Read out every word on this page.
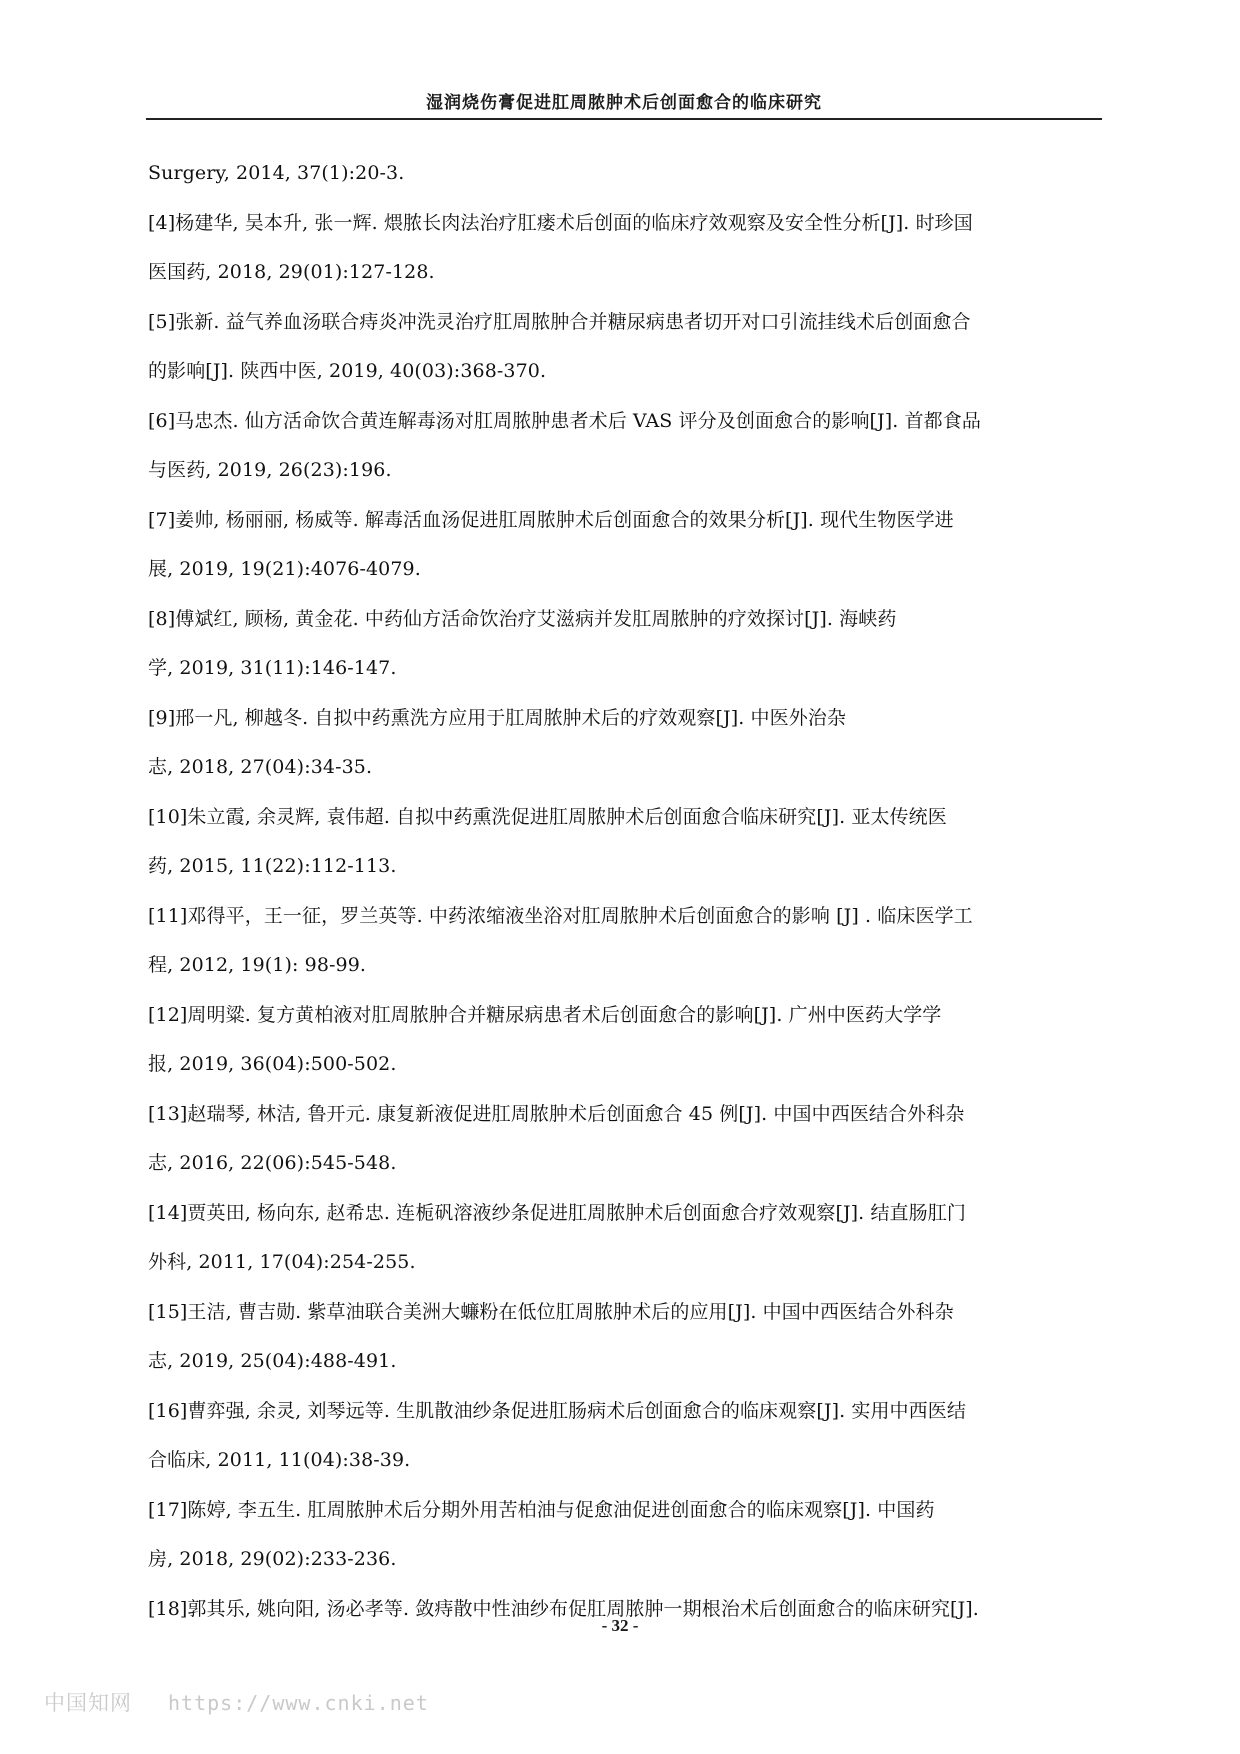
湿润烧伤膏促进肛周脓肿术后创面愈合的临床研究
Surgery, 2014, 37(1):20-3.
[4]杨建华, 吴本升, 张一辉. 煨脓长肉法治疗肛瘘术后创面的临床疗效观察及安全性分析[J]. 时珍国
医国药, 2018, 29(01):127-128.
[5]张新. 益气养血汤联合痔炎冲洗灵治疗肛周脓肿合并糖尿病患者切开对口引流挂线术后创面愈合
的影响[J]. 陕西中医, 2019, 40(03):368-370.
[6]马忠杰. 仙方活命饮合黄连解毒汤对肛周脓肿患者术后 VAS 评分及创面愈合的影响[J]. 首都食品
与医药, 2019, 26(23):196.
[7]姜帅, 杨丽丽, 杨威等. 解毒活血汤促进肛周脓肿术后创面愈合的效果分析[J]. 现代生物医学进
展, 2019, 19(21):4076-4079.
[8]傅斌红, 顾杨, 黄金花. 中药仙方活命饮治疗艾滋病并发肛周脓肿的疗效探讨[J]. 海峡药
学, 2019, 31(11):146-147.
[9]邢一凡, 柳越冬. 自拟中药熏洗方应用于肛周脓肿术后的疗效观察[J]. 中医外治杂
志, 2018, 27(04):34-35.
[10]朱立霞, 余灵辉, 袁伟超. 自拟中药熏洗促进肛周脓肿术后创面愈合临床研究[J]. 亚太传统医
药, 2015, 11(22):112-113.
[11]邓得平，王一征，罗兰英等. 中药浓缩液坐浴对肛周脓肿术后创面愈合的影响 [J] . 临床医学工
程, 2012, 19(1): 98-99.
[12]周明粱. 复方黄柏液对肛周脓肿合并糖尿病患者术后创面愈合的影响[J]. 广州中医药大学学
报, 2019, 36(04):500-502.
[13]赵瑞琴, 林洁, 鲁开元. 康复新液促进肛周脓肿术后创面愈合 45 例[J]. 中国中西医结合外科杂
志, 2016, 22(06):545-548.
[14]贾英田, 杨向东, 赵希忠. 连栀矾溶液纱条促进肛周脓肿术后创面愈合疗效观察[J]. 结直肠肛门
外科, 2011, 17(04):254-255.
[15]王洁, 曹吉勋. 紫草油联合美洲大蠊粉在低位肛周脓肿术后的应用[J]. 中国中西医结合外科杂
志, 2019, 25(04):488-491.
[16]曹弈强, 余灵, 刘琴远等. 生肌散油纱条促进肛肠病术后创面愈合的临床观察[J]. 实用中西医结
合临床, 2011, 11(04):38-39.
[17]陈婷, 李五生. 肛周脓肿术后分期外用苦柏油与促愈油促进创面愈合的临床观察[J]. 中国药
房, 2018, 29(02):233-236.
[18]郭其乐, 姚向阳, 汤必孝等. 敛痔散中性油纱布促肛周脓肿一期根治术后创面愈合的临床研究[J].
- 32 -
中国知网 https://www.cnki.net
